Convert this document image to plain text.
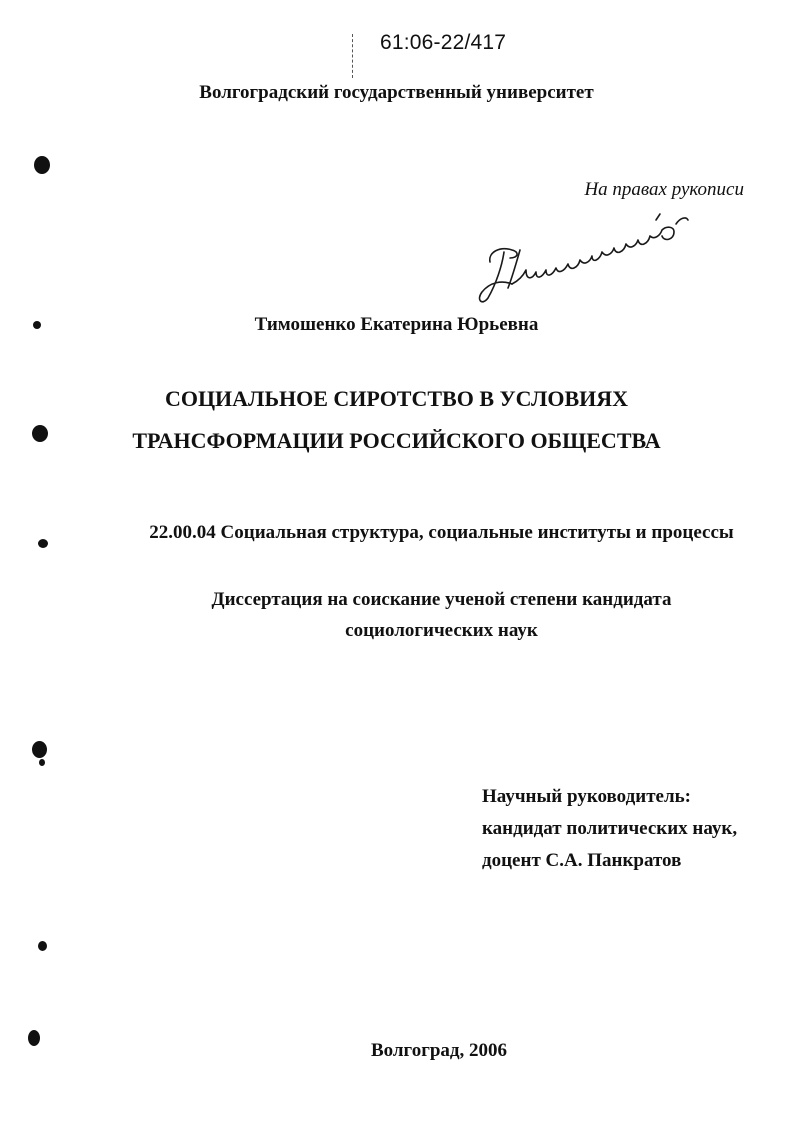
61:06-22/417
Волгоградский государственный университет
На правах рукописи
Тимошенко Екатерина Юрьевна
СОЦИАЛЬНОЕ СИРОТСТВО В УСЛОВИЯХ
ТРАНСФОРМАЦИИ РОССИЙСКОГО ОБЩЕСТВА
22.00.04 Социальная структура, социальные институты и процессы
Диссертация на соискание ученой степени кандидата
социологических наук
Научный руководитель:
кандидат политических наук,
доцент С.А. Панкратов
Волгоград, 2006
